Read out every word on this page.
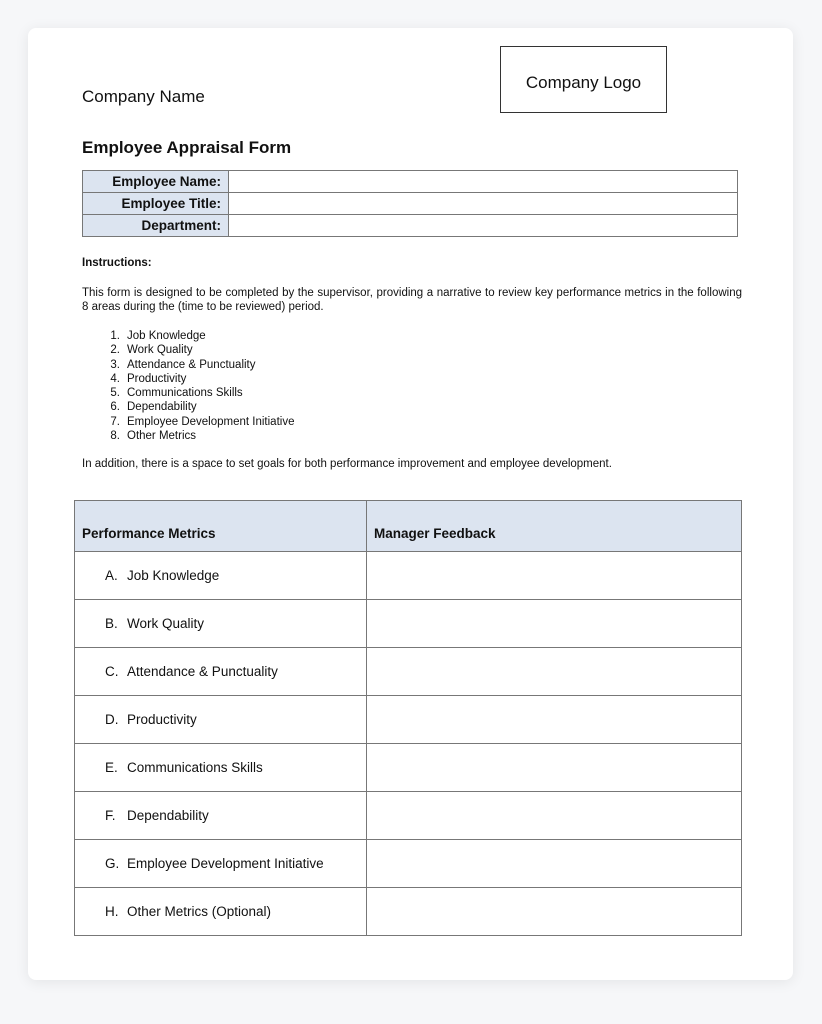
Company Name
Company Logo
Employee Appraisal Form
Employee Name:	
Employee Title:	
Department:	
Instructions:
This form is designed to be completed by the supervisor, providing a narrative to review key performance metrics in the following 8 areas during the (time to be reviewed) period.
1. Job Knowledge
2. Work Quality
3. Attendance & Punctuality
4. Productivity
5. Communications Skills
6. Dependability
7. Employee Development Initiative
8. Other Metrics
In addition, there is a space to set goals for both performance improvement and employee development.
Performance Metrics	Manager Feedback
A. Job Knowledge	
B. Work Quality	
C. Attendance & Punctuality	
D. Productivity	
E. Communications Skills	
F. Dependability	
G. Employee Development Initiative	
H. Other Metrics (Optional)	
